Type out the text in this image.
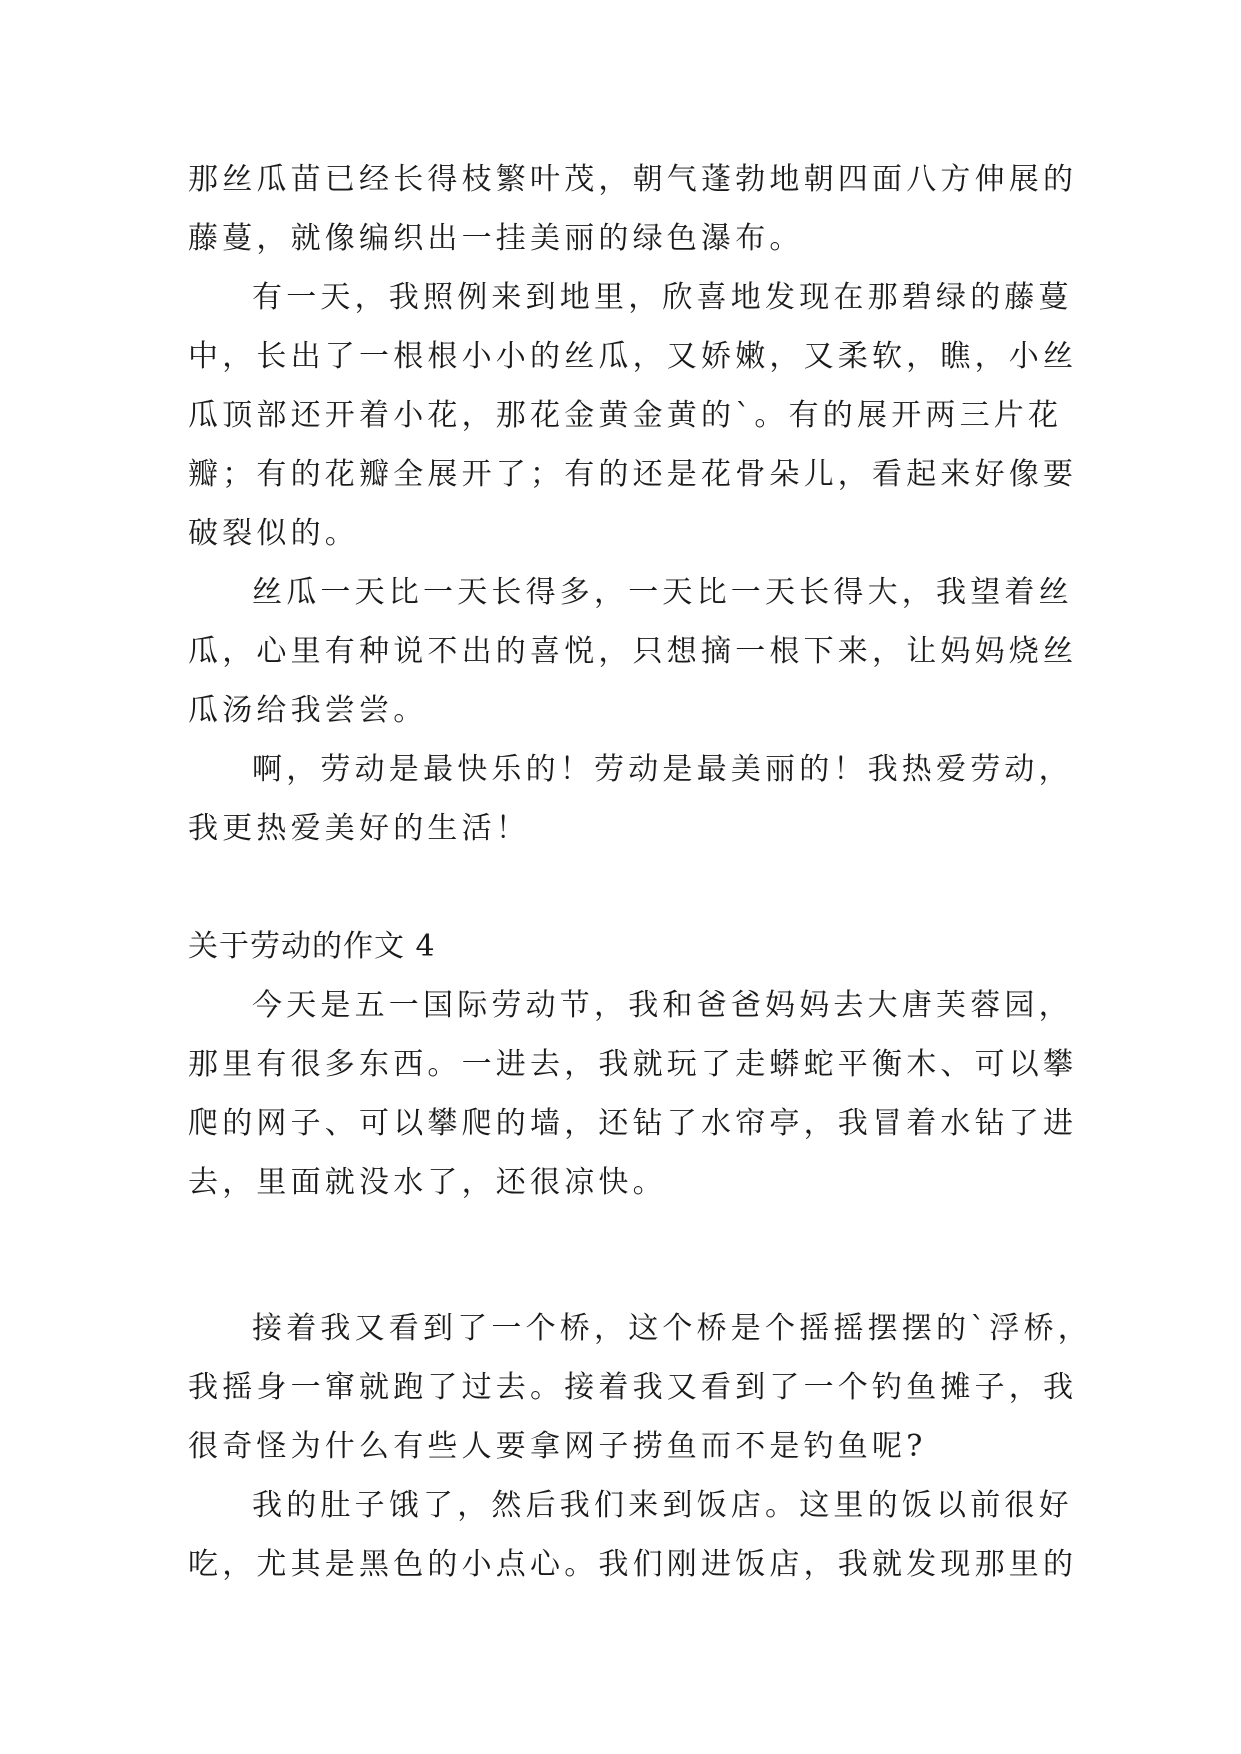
那丝瓜苗已经长得枝繁叶茂，朝气蓬勃地朝四面八方伸展的
藤蔓，就像编织出一挂美丽的绿色瀑布。
有一天，我照例来到地里，欣喜地发现在那碧绿的藤蔓
中，长出了一根根小小的丝瓜，又娇嫩，又柔软，瞧，小丝
瓜顶部还开着小花，那花金黄金黄的`。有的展开两三片花
瓣；有的花瓣全展开了；有的还是花骨朵儿，看起来好像要
破裂似的。
丝瓜一天比一天长得多，一天比一天长得大，我望着丝
瓜，心里有种说不出的喜悦，只想摘一根下来，让妈妈烧丝
瓜汤给我尝尝。
啊，劳动是最快乐的！劳动是最美丽的！我热爱劳动，
我更热爱美好的生活！
关于劳动的作文 4
今天是五一国际劳动节，我和爸爸妈妈去大唐芙蓉园，
那里有很多东西。一进去，我就玩了走蟒蛇平衡木、可以攀
爬的网子、可以攀爬的墙，还钻了水帘亭，我冒着水钻了进
去，里面就没水了，还很凉快。
接着我又看到了一个桥，这个桥是个摇摇摆摆的`浮桥，
我摇身一窜就跑了过去。接着我又看到了一个钓鱼摊子，我
很奇怪为什么有些人要拿网子捞鱼而不是钓鱼呢?
我的肚子饿了，然后我们来到饭店。这里的饭以前很好
吃，尤其是黑色的小点心。我们刚进饭店，我就发现那里的
